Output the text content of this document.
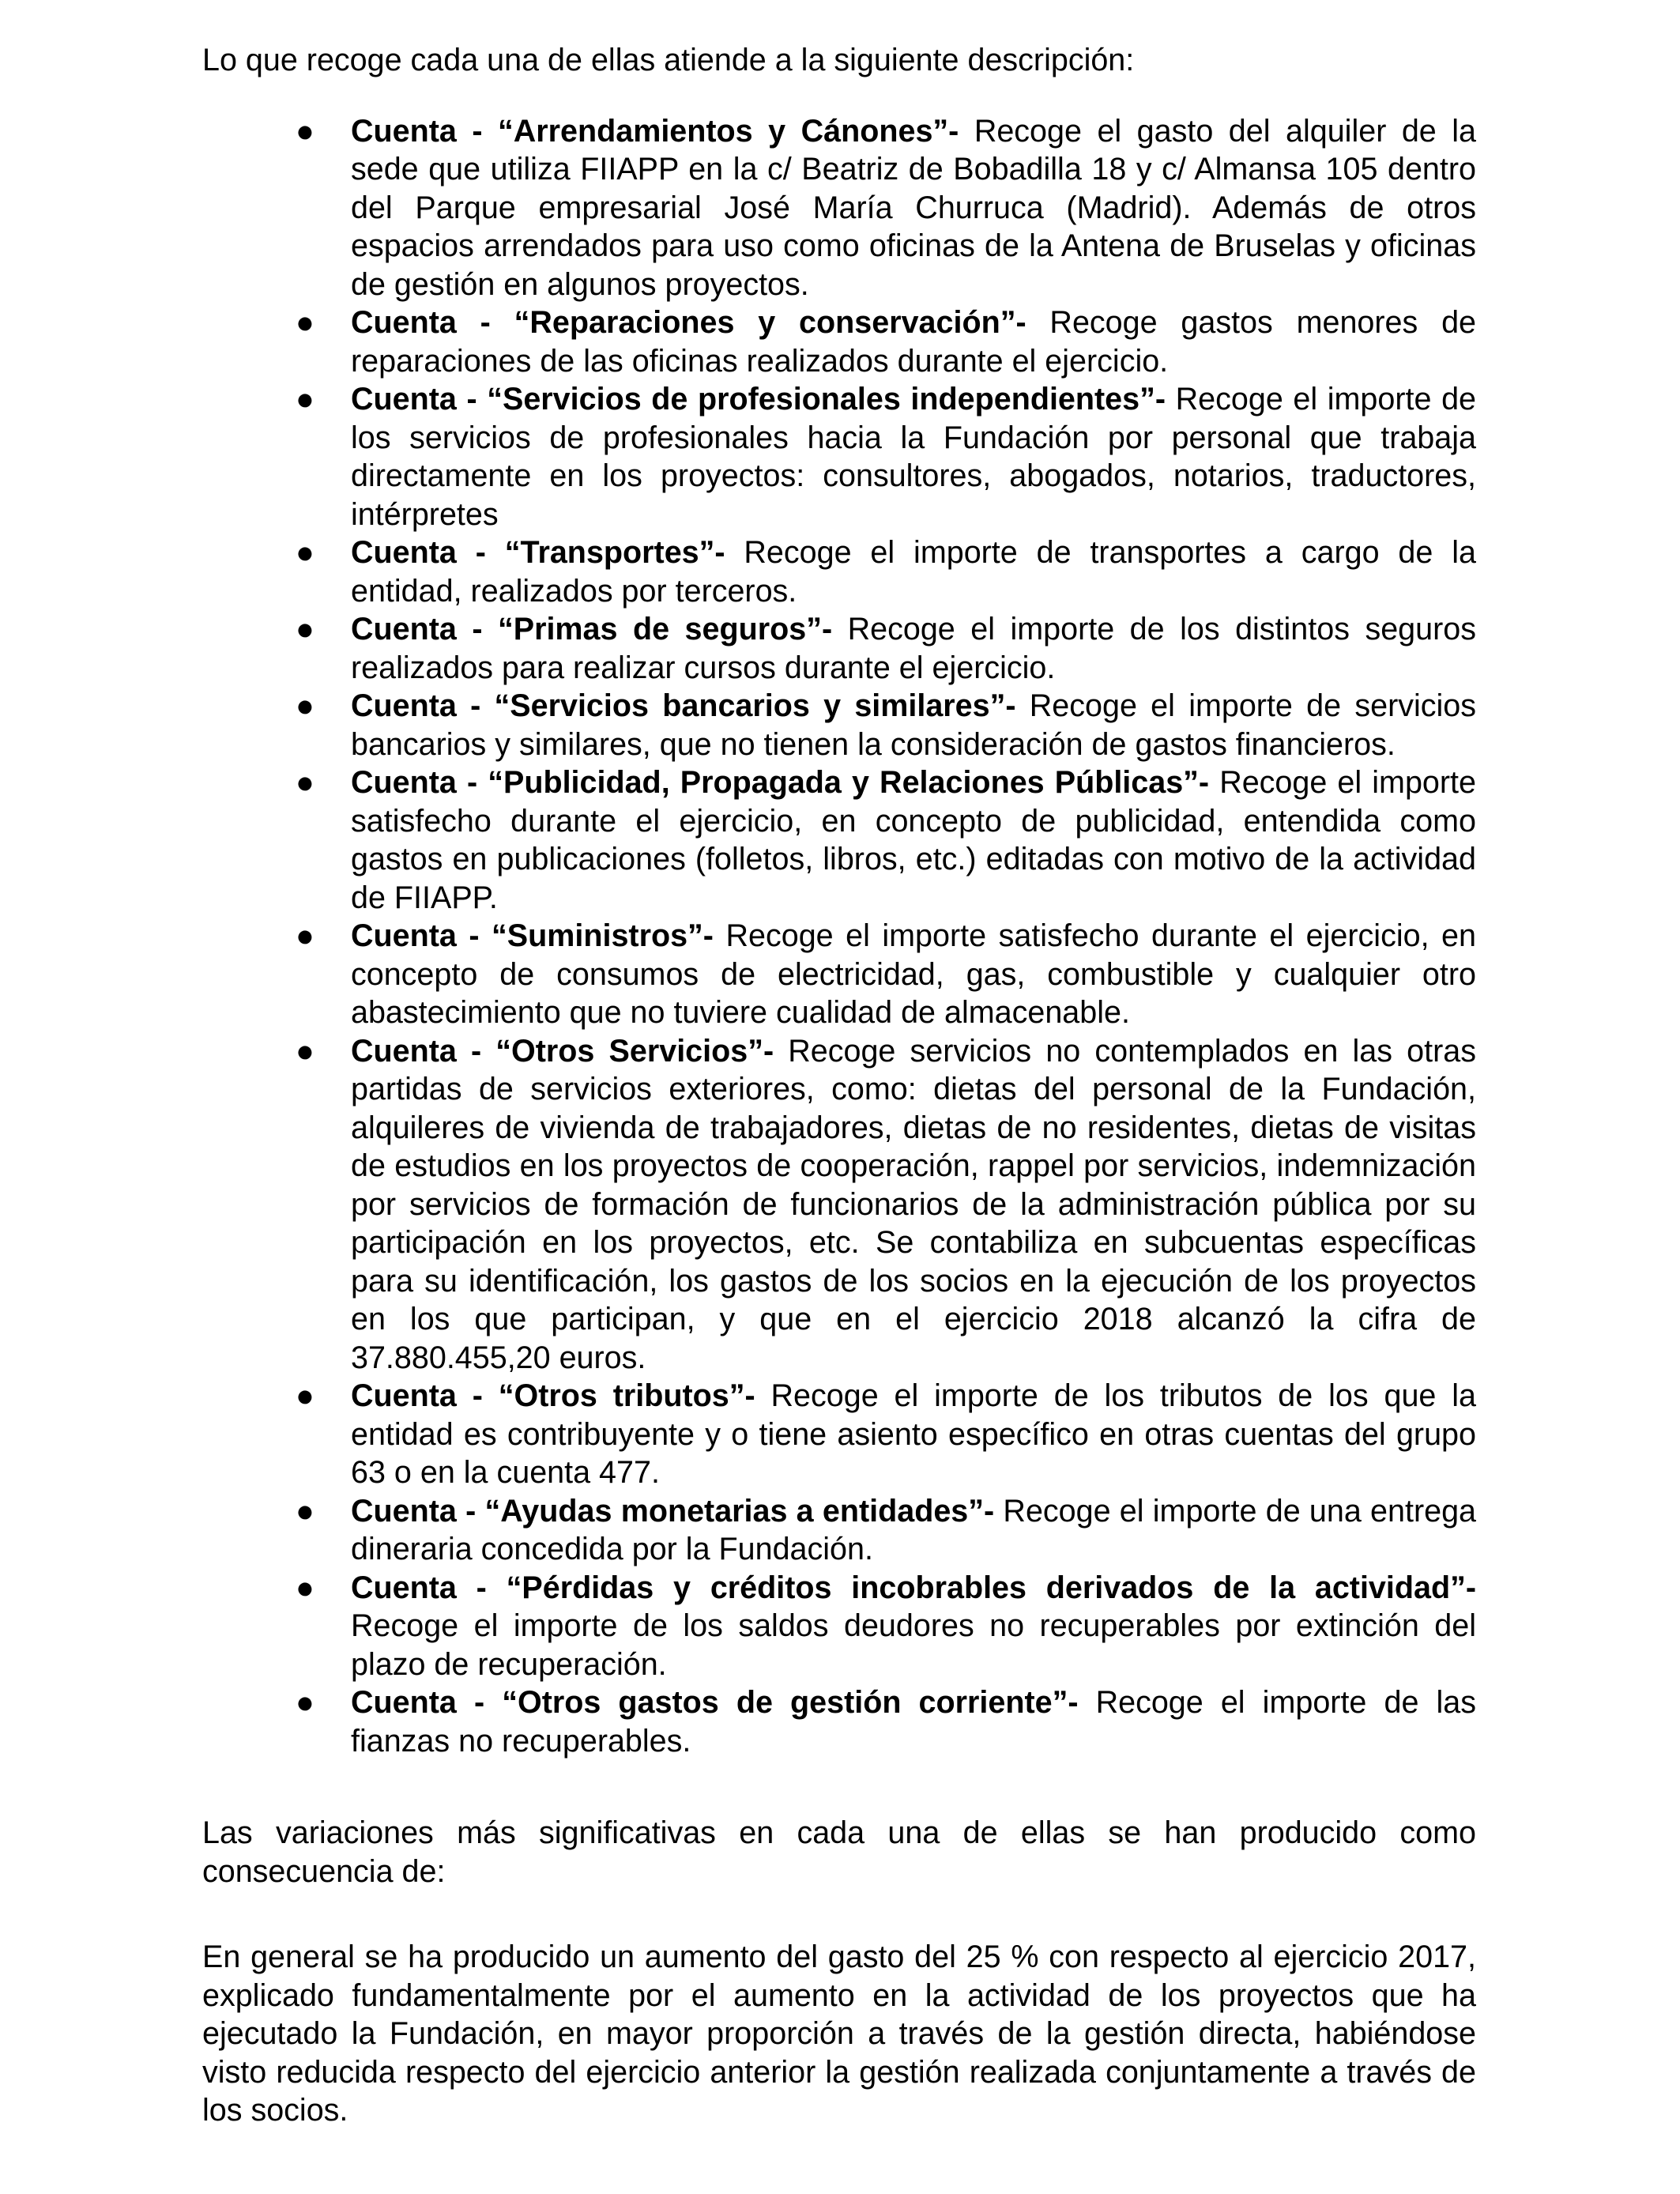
Lo que recoge cada una de ellas atiende a la siguiente descripción:

● Cuenta - “Arrendamientos y Cánones”- Recoge el gasto del alquiler de la sede que utiliza FIIAPP en la c/ Beatriz de Bobadilla 18 y c/ Almansa 105 dentro del Parque empresarial José María Churruca (Madrid). Además de otros espacios arrendados para uso como oficinas de la Antena de Bruselas y oficinas de gestión en algunos proyectos.
● Cuenta - “Reparaciones y conservación”- Recoge gastos menores de reparaciones de las oficinas realizados durante el ejercicio.
● Cuenta - “Servicios de profesionales independientes”- Recoge el importe de los servicios de profesionales hacia la Fundación por personal que trabaja directamente en los proyectos: consultores, abogados, notarios, traductores, intérpretes
● Cuenta - “Transportes”- Recoge el importe de transportes a cargo de la entidad, realizados por terceros.
● Cuenta - “Primas de seguros”- Recoge el importe de los distintos seguros realizados para realizar cursos durante el ejercicio.
● Cuenta - “Servicios bancarios y similares”- Recoge el importe de servicios bancarios y similares, que no tienen la consideración de gastos financieros.
● Cuenta - “Publicidad, Propagada y Relaciones Públicas”- Recoge el importe satisfecho durante el ejercicio, en concepto de publicidad, entendida como gastos en publicaciones (folletos, libros, etc.) editadas con motivo de la actividad de FIIAPP.
● Cuenta - “Suministros”- Recoge el importe satisfecho durante el ejercicio, en concepto de consumos de electricidad, gas, combustible y cualquier otro abastecimiento que no tuviere cualidad de almacenable.
● Cuenta - “Otros Servicios”- Recoge servicios no contemplados en las otras partidas de servicios exteriores, como: dietas del personal de la Fundación, alquileres de vivienda de trabajadores, dietas de no residentes, dietas de visitas de estudios en los proyectos de cooperación, rappel por servicios, indemnización por servicios de formación de funcionarios de la administración pública por su participación en los proyectos, etc. Se contabiliza en subcuentas específicas para su identificación, los gastos de los socios en la ejecución de los proyectos en los que participan, y que en el ejercicio 2018 alcanzó la cifra de 37.880.455,20 euros.
● Cuenta - “Otros tributos”- Recoge el importe de los tributos de los que la entidad es contribuyente y o tiene asiento específico en otras cuentas del grupo 63 o en la cuenta 477.
● Cuenta - “Ayudas monetarias a entidades”- Recoge el importe de una entrega dineraria concedida por la Fundación.
● Cuenta - “Pérdidas y créditos incobrables derivados de la actividad”- Recoge el importe de los saldos deudores no recuperables por extinción del plazo de recuperación.
● Cuenta - “Otros gastos de gestión corriente”- Recoge el importe de las fianzas no recuperables.

Las variaciones más significativas en cada una de ellas se han producido como consecuencia de:

En general se ha producido un aumento del gasto del 25 % con respecto al ejercicio 2017, explicado fundamentalmente por el aumento en la actividad de los proyectos que ha ejecutado la Fundación, en mayor proporción a través de la gestión directa, habiéndose visto reducida respecto del ejercicio anterior la gestión realizada conjuntamente a través de los socios.
